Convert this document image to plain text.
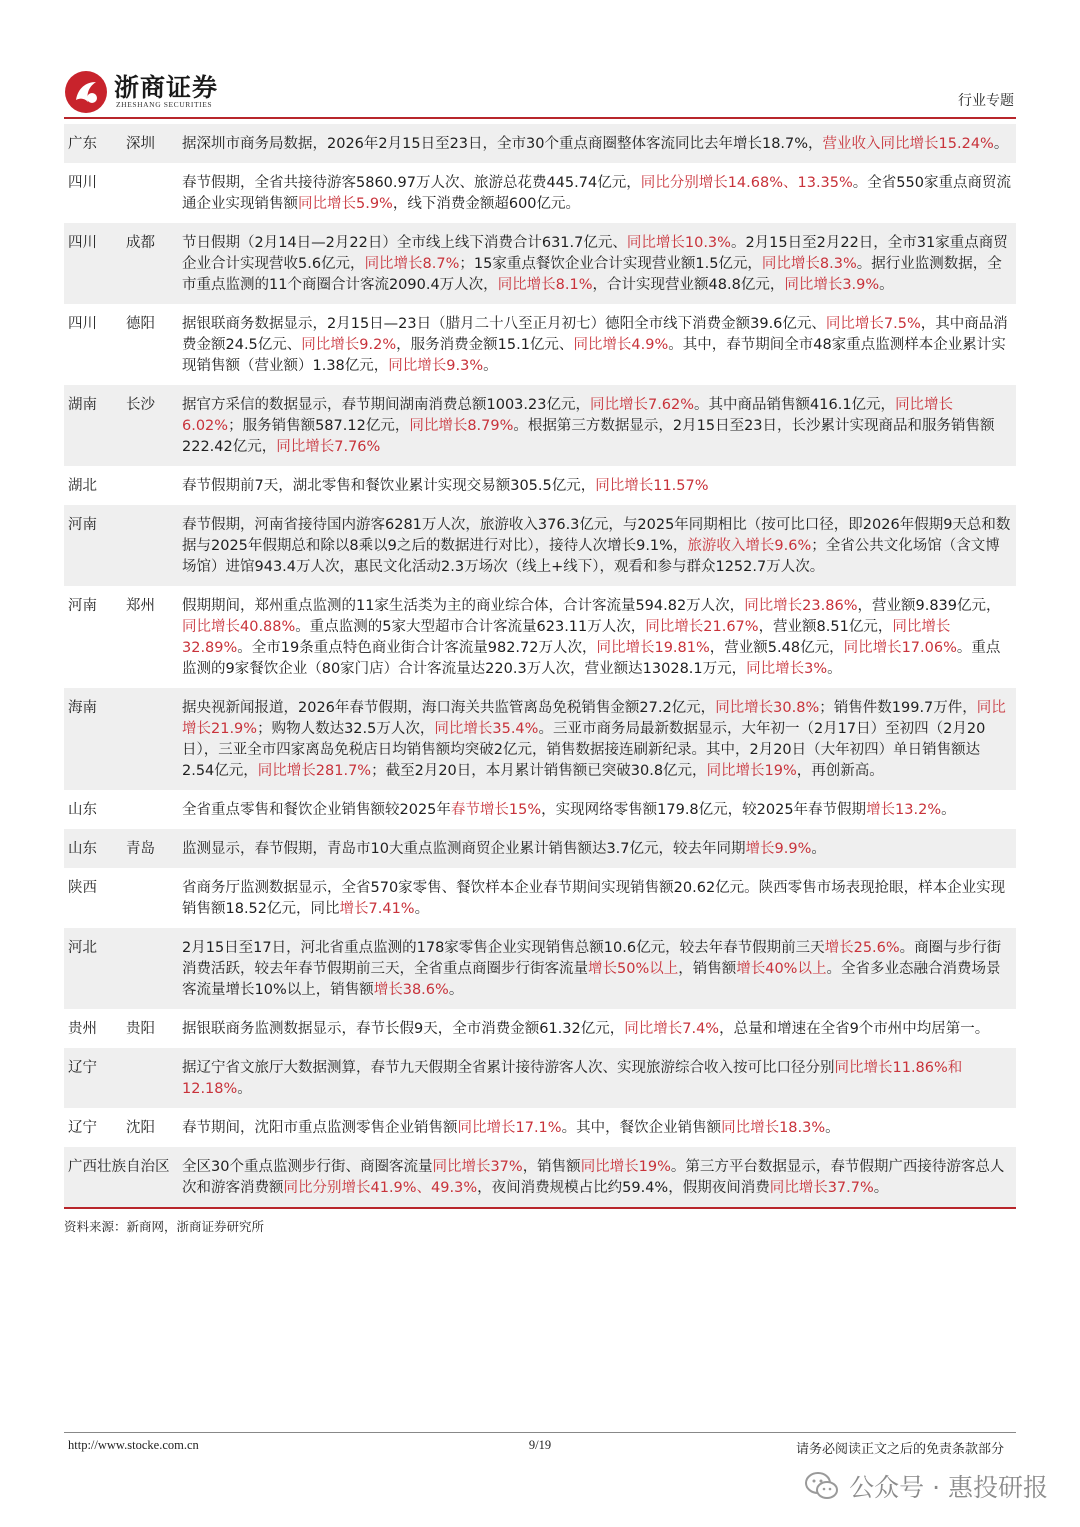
浙商证券
ZHESHANG SECURITIES	行业专题
广东	深圳	据深圳市商务局数据，2026年2月15日至23日，全市30个重点商圈整体客流同比去年增长18.7%，营业收入同比增长15.24%。
四川	春节假期，全省共接待游客5860.97万人次、旅游总花费445.74亿元，同比分别增长14.68%、13.35%。全省550家重点商贸流通企业实现销售额同比增长5.9%，线下消费金额超600亿元。
四川	成都	节日假期（2月14日—2月22日）全市线上线下消费合计631.7亿元、同比增长10.3%。2月15日至2月22日，全市31家重点商贸企业合计实现营收5.6亿元，同比增长8.7%；15家重点餐饮企业合计实现营业额1.5亿元，同比增长8.3%。据行业监测数据，全市重点监测的11个商圈合计客流2090.4万人次，同比增长8.1%，合计实现营业额48.8亿元，同比增长3.9%。
四川	德阳	据银联商务数据显示，2月15日—23日（腊月二十八至正月初七）德阳全市线下消费金额39.6亿元、同比增长7.5%，其中商品消费金额24.5亿元、同比增长9.2%，服务消费金额15.1亿元、同比增长4.9%。其中，春节期间全市48家重点监测样本企业累计实现销售额（营业额）1.38亿元，同比增长9.3%。
湖南	长沙	据官方采信的数据显示，春节期间湖南消费总额1003.23亿元，同比增长7.62%。其中商品销售额416.1亿元，同比增长6.02%；服务销售额587.12亿元，同比增长8.79%。根据第三方数据显示，2月15日至23日，长沙累计实现商品和服务销售额222.42亿元，同比增长7.76%
湖北	春节假期前7天，湖北零售和餐饮业累计实现交易额305.5亿元，同比增长11.57%
河南	春节假期，河南省接待国内游客6281万人次，旅游收入376.3亿元，与2025年同期相比（按可比口径，即2026年假期9天总和数据与2025年假期总和除以8乘以9之后的数据进行对比），接待人次增长9.1%，旅游收入增长9.6%；全省公共文化场馆（含文博场馆）进馆943.4万人次，惠民文化活动2.3万场次（线上+线下），观看和参与群众1252.7万人次。
河南	郑州	假期期间，郑州重点监测的11家生活类为主的商业综合体，合计客流量594.82万人次，同比增长23.86%，营业额9.839亿元，同比增长40.88%。重点监测的5家大型超市合计客流量623.11万人次，同比增长21.67%，营业额8.51亿元，同比增长32.89%。全市19条重点特色商业街合计客流量982.72万人次，同比增长19.81%，营业额5.48亿元，同比增长17.06%。重点监测的9家餐饮企业（80家门店）合计客流量达220.3万人次，营业额达13028.1万元，同比增长3%。
海南	据央视新闻报道，2026年春节假期，海口海关共监管离岛免税销售金额27.2亿元，同比增长30.8%；销售件数199.7万件，同比增长21.9%；购物人数达32.5万人次，同比增长35.4%。三亚市商务局最新数据显示，大年初一（2月17日）至初四（2月20日），三亚全市四家离岛免税店日均销售额均突破2亿元，销售数据接连刷新纪录。其中，2月20日（大年初四）单日销售额达2.54亿元，同比增长281.7%；截至2月20日，本月累计销售额已突破30.8亿元，同比增长19%，再创新高。
山东	全省重点零售和餐饮企业销售额较2025年春节增长15%，实现网络零售额179.8亿元，较2025年春节假期增长13.2%。
山东	青岛	监测显示，春节假期，青岛市10大重点监测商贸企业累计销售额达3.7亿元，较去年同期增长9.9%。
陕西	省商务厅监测数据显示，全省570家零售、餐饮样本企业春节期间实现销售额20.62亿元。陕西零售市场表现抢眼，样本企业实现销售额18.52亿元，同比增长7.41%。
河北	2月15日至17日，河北省重点监测的178家零售企业实现销售总额10.6亿元，较去年春节假期前三天增长25.6%。商圈与步行街消费活跃，较去年春节假期前三天，全省重点商圈步行街客流量增长50%以上，销售额增长40%以上。全省多业态融合消费场景客流量增长10%以上，销售额增长38.6%。
贵州	贵阳	据银联商务监测数据显示，春节长假9天，全市消费金额61.32亿元，同比增长7.4%，总量和增速在全省9个市州中均居第一。
辽宁	据辽宁省文旅厅大数据测算，春节九天假期全省累计接待游客人次、实现旅游综合收入按可比口径分别同比增长11.86%和12.18%。
辽宁	沈阳	春节期间，沈阳市重点监测零售企业销售额同比增长17.1%。其中，餐饮企业销售额同比增长18.3%。
广西壮族自治区 全区30个重点监测步行街、商圈客流量同比增长37%，销售额同比增长19%。第三方平台数据显示，春节假期广西接待游客总人次和游客消费额同比分别增长41.9%、49.3%，夜间消费规模占比约59.4%，假期夜间消费同比增长37.7%。
资料来源：新商网，浙商证券研究所
http://www.stocke.com.cn	9/19	请务必阅读正文之后的免责条款部分
公众号 · 惠投研报
